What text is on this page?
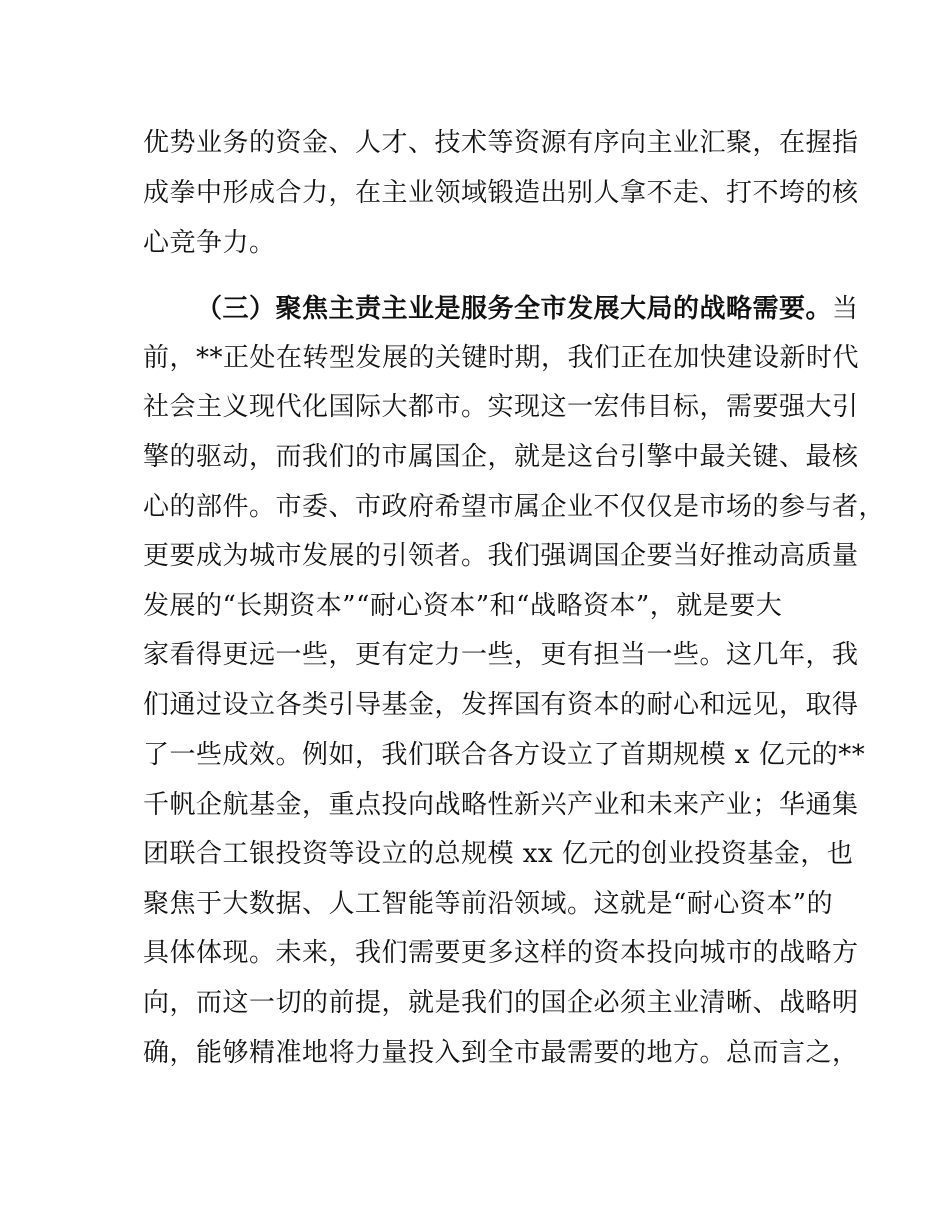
优势业务的资金、人才、技术等资源有序向主业汇聚，在握指
成拳中形成合力，在主业领域锻造出别人拿不走、打不垮的核
心竞争力。
（三）聚焦主责主业是服务全市发展大局的战略需要。当
前，**正处在转型发展的关键时期，我们正在加快建设新时代
社会主义现代化国际大都市。实现这一宏伟目标，需要强大引
擎的驱动，而我们的市属国企，就是这台引擎中最关键、最核
心的部件。市委、市政府希望市属企业不仅仅是市场的参与者，
更要成为城市发展的引领者。我们强调国企要当好推动高质量
发展的“长期资本”“耐心资本”和“战略资本”，就是要大
家看得更远一些，更有定力一些，更有担当一些。这几年，我
们通过设立各类引导基金，发挥国有资本的耐心和远见，取得
了一些成效。例如，我们联合各方设立了首期规模 x 亿元的**
千帆企航基金，重点投向战略性新兴产业和未来产业；华通集
团联合工银投资等设立的总规模 xx 亿元的创业投资基金，也
聚焦于大数据、人工智能等前沿领域。这就是“耐心资本”的
具体体现。未来，我们需要更多这样的资本投向城市的战略方
向，而这一切的前提，就是我们的国企必须主业清晰、战略明
确，能够精准地将力量投入到全市最需要的地方。总而言之，
